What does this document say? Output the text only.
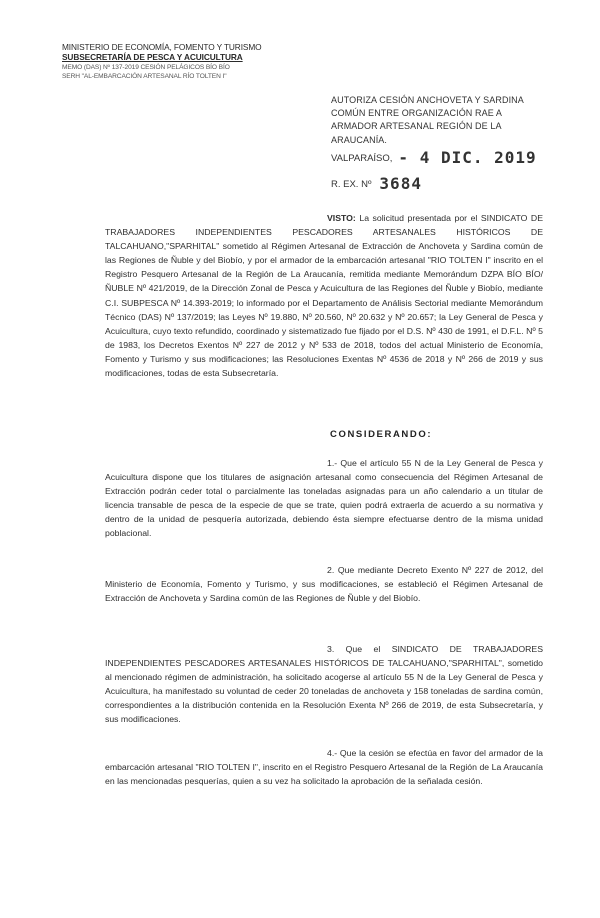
MINISTERIO DE ECONOMÍA, FOMENTO Y TURISMO
SUBSECRETARÍA DE PESCA Y ACUICULTURA
MEMO (DAS) Nº 137-2019 CESIÓN PELÁGICOS BÍO BÍO
SERH "AL-EMBARCACIÓN ARTESANAL RÍO TOLTEN I"
AUTORIZA CESIÓN ANCHOVETA Y SARDINA COMÚN ENTRE ORGANIZACIÓN RAE A ARMADOR ARTESANAL REGIÓN DE LA ARAUCANÍA.
VALPARAÍSO, - 4 DIC. 2019
R. EX. Nº 3684
VISTO: La solicitud presentada por el SINDICATO DE TRABAJADORES INDEPENDIENTES PESCADORES ARTESANALES HISTÓRICOS DE TALCAHUANO,"SPARHITAL" sometido al Régimen Artesanal de Extracción de Anchoveta y Sardina común de las Regiones de Ñuble y del Biobío, y por el armador de la embarcación artesanal "RIO TOLTEN I" inscrito en el Registro Pesquero Artesanal de la Región de La Araucanía, remitida mediante Memorándum DZPA BÍO BÍO/ÑUBLE Nº 421/2019, de la Dirección Zonal de Pesca y Acuicultura de las Regiones del Ñuble y Biobío, mediante C.I. SUBPESCA Nº 14.393-2019; lo informado por el Departamento de Análisis Sectorial mediante Memorándum Técnico (DAS) Nº 137/2019; las Leyes Nº 19.880, Nº 20.560, Nº 20.632 y Nº 20.657; la Ley General de Pesca y Acuicultura, cuyo texto refundido, coordinado y sistematizado fue fijado por el D.S. Nº 430 de 1991, el D.F.L. Nº 5 de 1983, los Decretos Exentos Nº 227 de 2012 y Nº 533 de 2018, todos del actual Ministerio de Economía, Fomento y Turismo y sus modificaciones; las Resoluciones Exentas Nº 4536 de 2018 y Nº 266 de 2019 y sus modificaciones, todas de esta Subsecretaría.
CONSIDERANDO:
1.- Que el artículo 55 N de la Ley General de Pesca y Acuicultura dispone que los titulares de asignación artesanal como consecuencia del Régimen Artesanal de Extracción podrán ceder total o parcialmente las toneladas asignadas para un año calendario a un titular de licencia transable de pesca de la especie de que se trate, quien podrá extraerla de acuerdo a su normativa y dentro de la unidad de pesquería autorizada, debiendo ésta siempre efectuarse dentro de la misma unidad poblacional.
2. Que mediante Decreto Exento Nº 227 de 2012, del Ministerio de Economía, Fomento y Turismo, y sus modificaciones, se estableció el Régimen Artesanal de Extracción de Anchoveta y Sardina común de las Regiones de Ñuble y del Biobío.
3. Que el SINDICATO DE TRABAJADORES INDEPENDIENTES PESCADORES ARTESANALES HISTÓRICOS DE TALCAHUANO,"SPARHITAL", sometido al mencionado régimen de administración, ha solicitado acogerse al artículo 55 N de la Ley General de Pesca y Acuicultura, ha manifestado su voluntad de ceder 20 toneladas de anchoveta y 158 toneladas de sardina común, correspondientes a la distribución contenida en la Resolución Exenta Nº 266 de 2019, de esta Subsecretaría, y sus modificaciones.
4.- Que la cesión se efectúa en favor del armador de la embarcación artesanal "RIO TOLTEN I", inscrito en el Registro Pesquero Artesanal de la Región de La Araucanía en las mencionadas pesquerías, quien a su vez ha solicitado la aprobación de la señalada cesión.
